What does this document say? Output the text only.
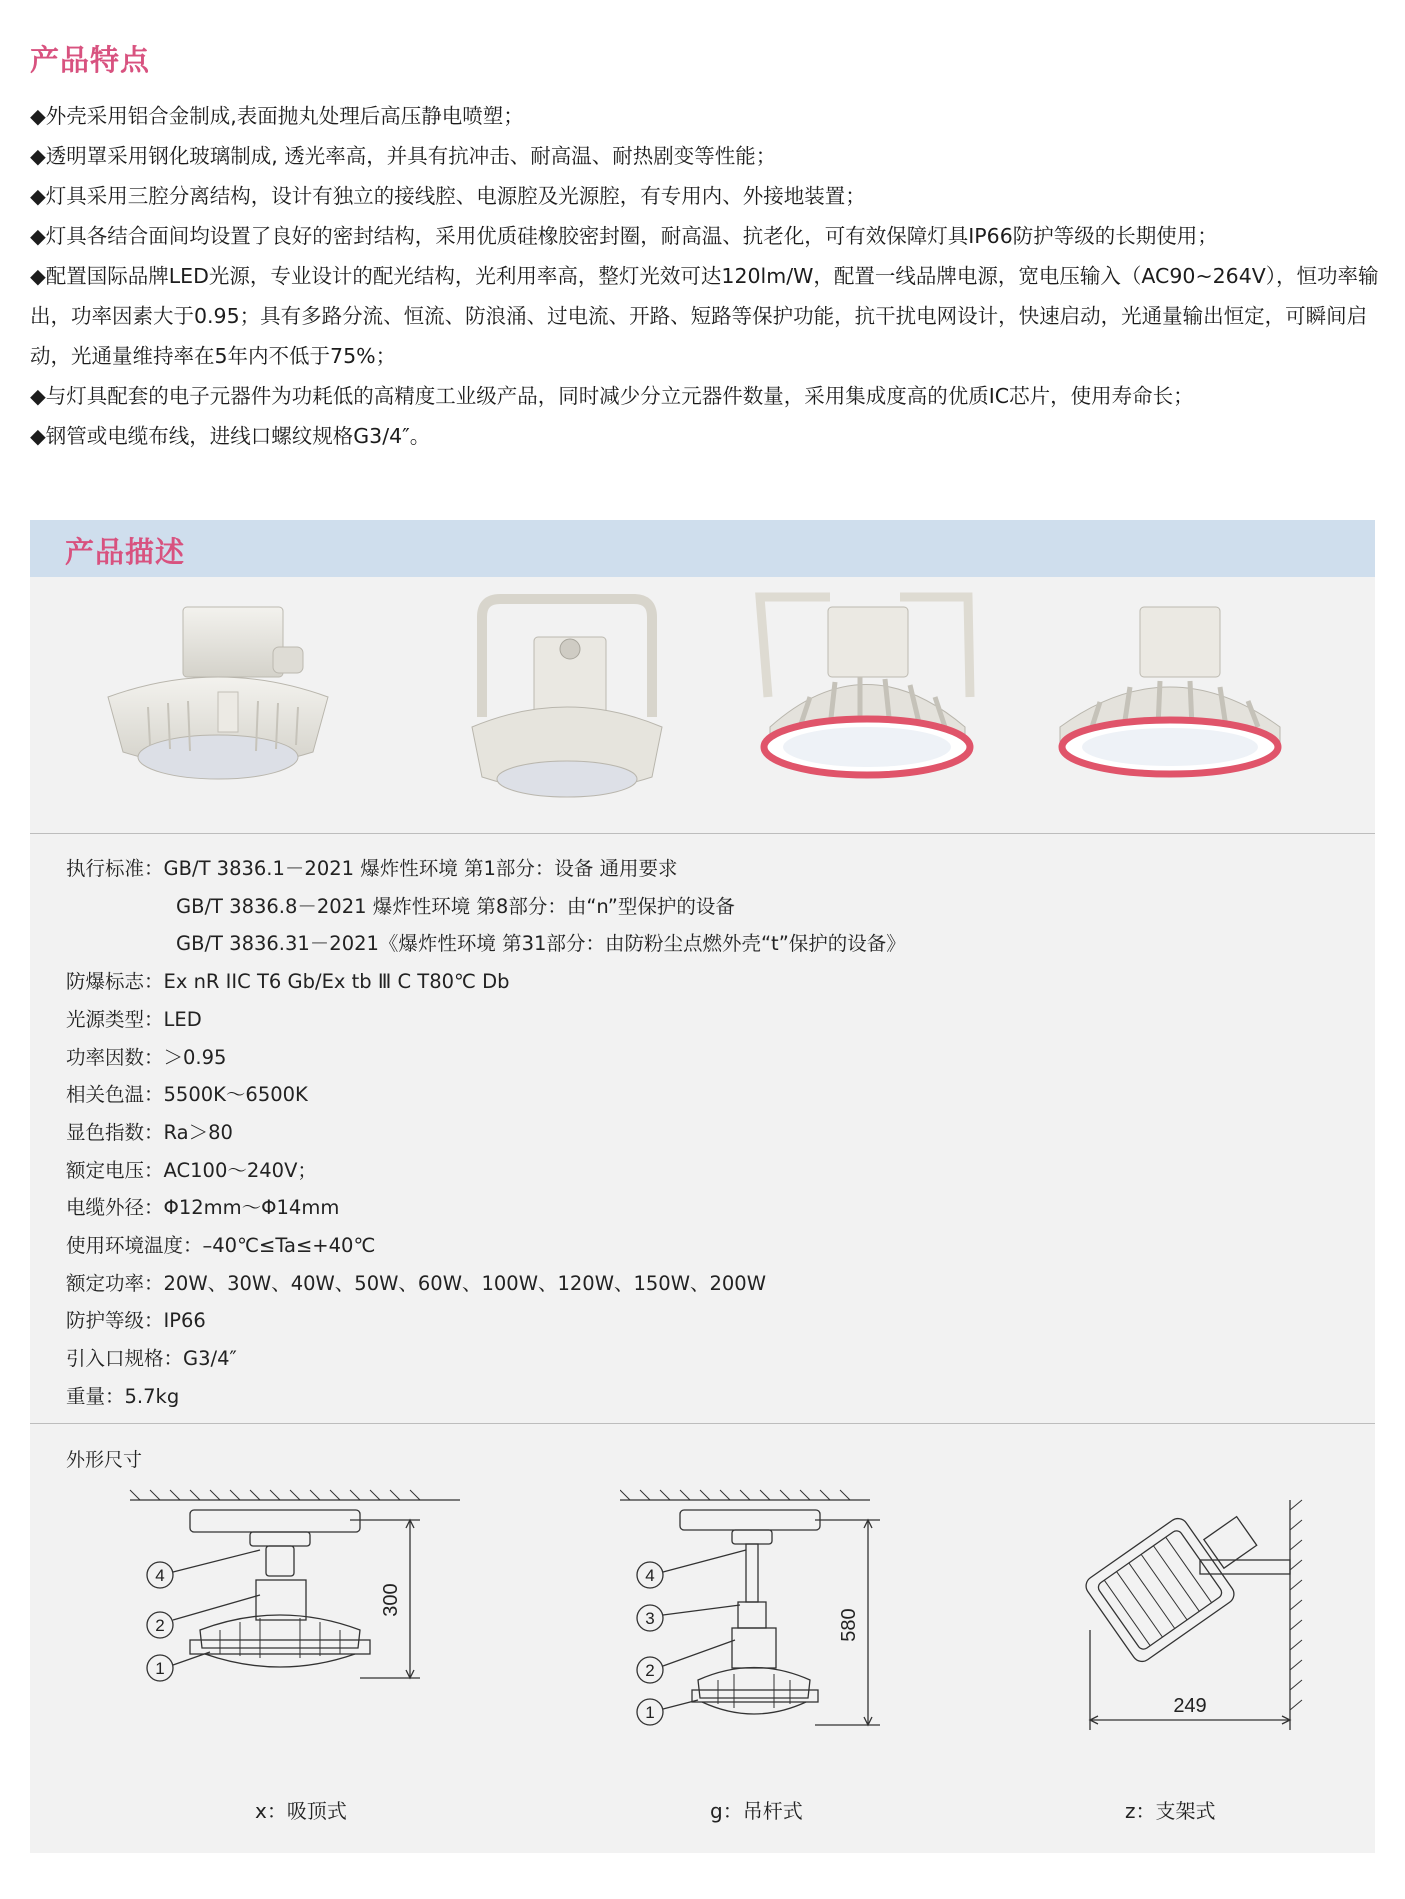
产品特点
◆外壳采用铝合金制成,表面抛丸处理后高压静电喷塑；
◆透明罩采用钢化玻璃制成, 透光率高，并具有抗冲击、耐高温、耐热剧变等性能；
◆灯具采用三腔分离结构，设计有独立的接线腔、电源腔及光源腔，有专用内、外接地装置；
◆灯具各结合面间均设置了良好的密封结构，采用优质硅橡胶密封圈，耐高温、抗老化，可有效保障灯具IP66防护等级的长期使用；
◆配置国际品牌LED光源，专业设计的配光结构，光利用率高，整灯光效可达120lm/W，配置一线品牌电源，宽电压输入（AC90~264V），恒功率输出，功率因素大于0.95；具有多路分流、恒流、防浪涌、过电流、开路、短路等保护功能，抗干扰电网设计，快速启动，光通量输出恒定，可瞬间启动，光通量维持率在5年内不低于75%；
◆与灯具配套的电子元器件为功耗低的高精度工业级产品，同时减少分立元器件数量，采用集成度高的优质IC芯片，使用寿命长；
◆钢管或电缆布线，进线口螺纹规格G3/4″。
产品描述
执行标准： GB/T 3836.1－2021 爆炸性环境 第1部分：设备 通用要求
GB/T 3836.8－2021 爆炸性环境 第8部分：由“n”型保护的设备
GB/T 3836.31－2021《爆炸性环境 第31部分：由防粉尘点燃外壳“t”保护的设备》
防爆标志： Ex nR IIC T6 Gb/Ex tb Ⅲ C T80℃ Db
光源类型： LED
功率因数： ＞0.95
相关色温： 5500K～6500K
显色指数： Ra＞80
额定电压： AC100～240V；
电缆外径： Φ12mm～Φ14mm
使用环境温度： –40℃≤Ta≤+40℃
额定功率： 20W、30W、40W、50W、60W、100W、120W、150W、200W
防护等级： IP66
引入口规格： G3/4″
重量： 5.7kg
外形尺寸
4
2
1
300
4
3
2
1
580
249
x：吸顶式	g：吊杆式	z：支架式
